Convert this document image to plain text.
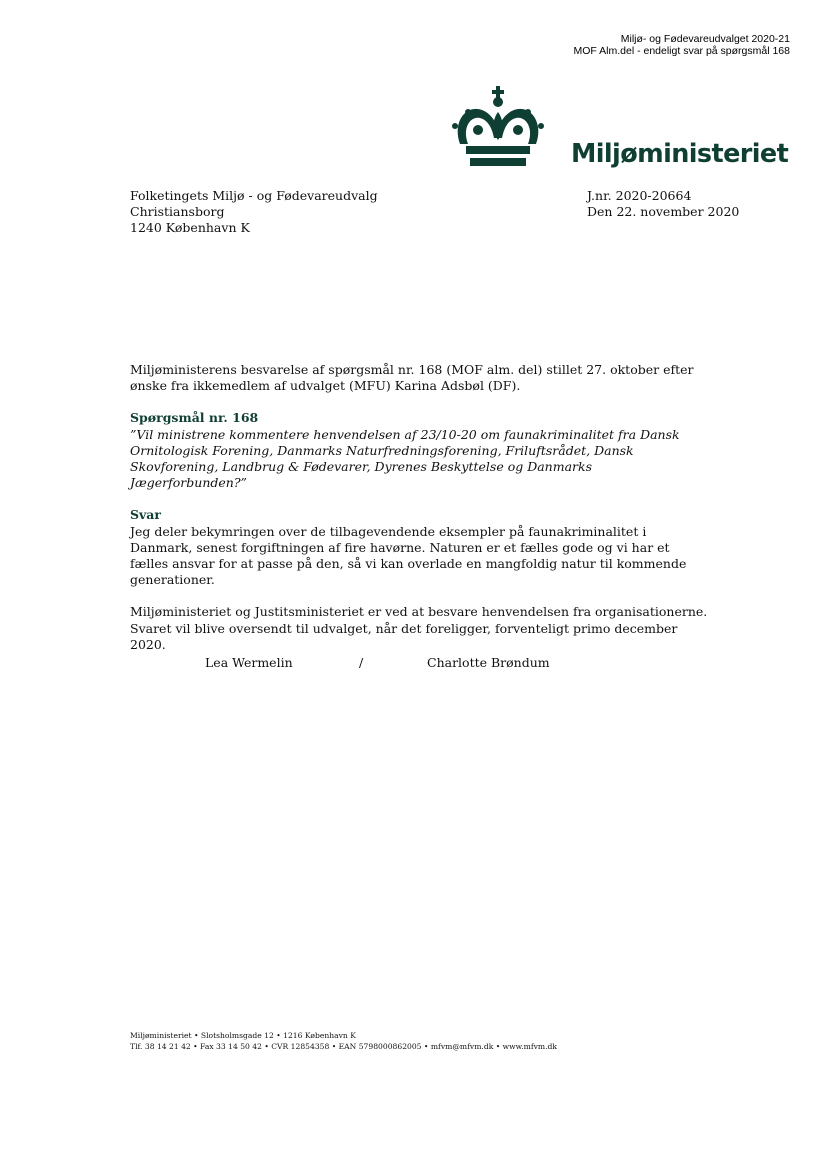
Miljø- og Fødevareudvalget 2020-21
MOF Alm.del - endeligt svar på spørgsmål 168
Miljøministeriet
Folketingets Miljø - og Fødevareudvalg
Christiansborg
1240 København K
J.nr. 2020-20664
Den 22. november 2020

Miljøministerens besvarelse af spørgsmål nr. 168 (MOF alm. del) stillet 27. oktober efter ønske fra ikkemedlem af udvalget (MFU) Karina Adsbøl (DF).

Spørgsmål nr. 168
”Vil ministrene kommentere henvendelsen af 23/10-20 om faunakriminalitet fra Dansk Ornitologisk Forening, Danmarks Naturfredningsforening, Friluftsrådet, Dansk Skovforening, Landbrug & Fødevarer, Dyrenes Beskyttelse og Danmarks Jægerforbunden?”

Svar
Jeg deler bekymringen over de tilbagevendende eksempler på faunakriminalitet i Danmark, senest forgiftningen af fire havørne. Naturen er et fælles gode og vi har et fælles ansvar for at passe på den, så vi kan overlade en mangfoldig natur til kommende generationer.

Miljøministeriet og Justitsministeriet er ved at besvare henvendelsen fra organisationerne. Svaret vil blive oversendt til udvalget, når det foreligger, forventeligt primo december 2020.

Lea Wermelin	/	Charlotte Brøndum
Miljøministeriet • Slotsholmsgade 12 • 1216 København K
Tlf. 38 14 21 42 • Fax 33 14 50 42 • CVR 12854358 • EAN 5798000862005 • mfvm@mfvm.dk • www.mfvm.dk
